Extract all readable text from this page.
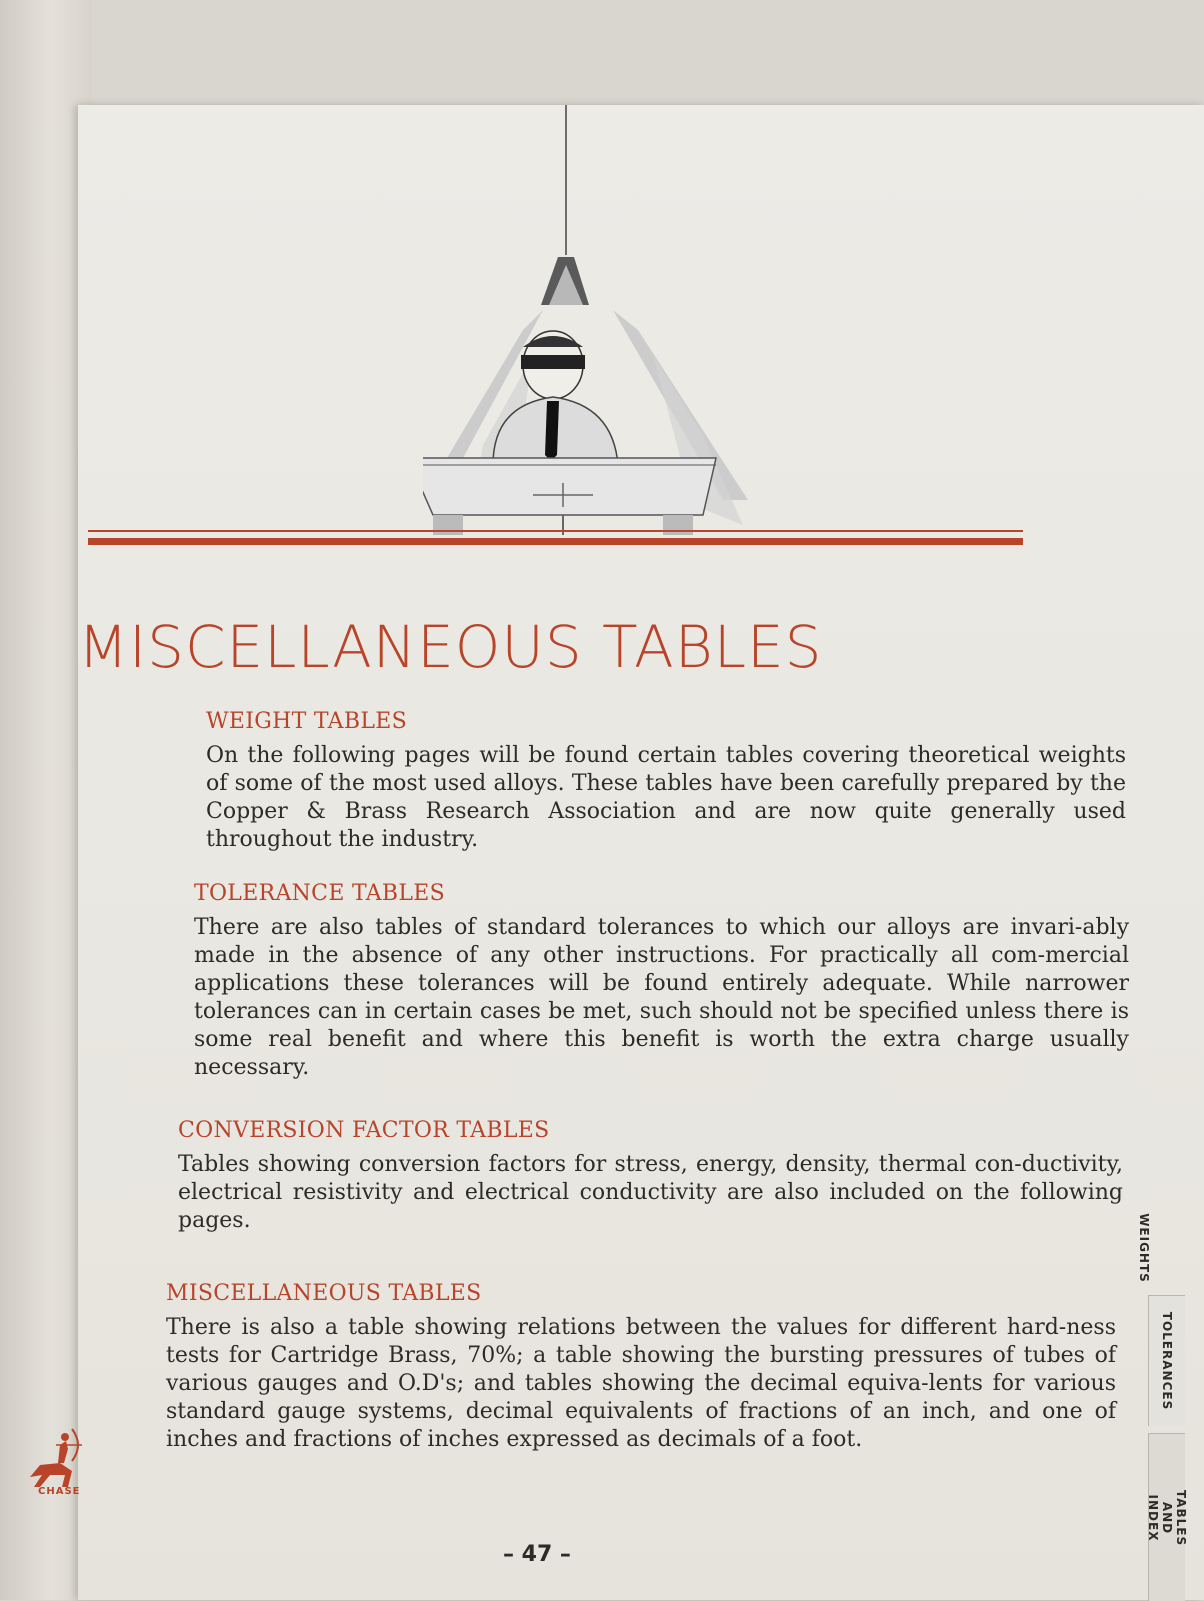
MISCELLANEOUS TABLES
WEIGHT TABLES

On the following pages will be found certain tables covering theoretical weights of some of the most used alloys. These tables have been carefully prepared by the Copper & Brass Research Association and are now quite generally used throughout the industry.

TOLERANCE TABLES

There are also tables of standard tolerances to which our alloys are invari-ably made in the absence of any other instructions. For practically all com-mercial applications these tolerances will be found entirely adequate. While narrower tolerances can in certain cases be met, such should not be specified unless there is some real benefit and where this benefit is worth the extra charge usually necessary.

CONVERSION FACTOR TABLES

Tables showing conversion factors for stress, energy, density, thermal con-ductivity, electrical resistivity and electrical conductivity are also included on the following pages.

MISCELLANEOUS TABLES

There is also a table showing relations between the values for different hard-ness tests for Cartridge Brass, 70%; a table showing the bursting pressures of tubes of various gauges and O.D's; and tables showing the decimal equiva-lents for various standard gauge systems, decimal equivalents of fractions of an inch, and one of inches and fractions of inches expressed as decimals of a foot.

CHASE
– 47 –
WEIGHTS
TOLERANCES
TABLES AND INDEX
